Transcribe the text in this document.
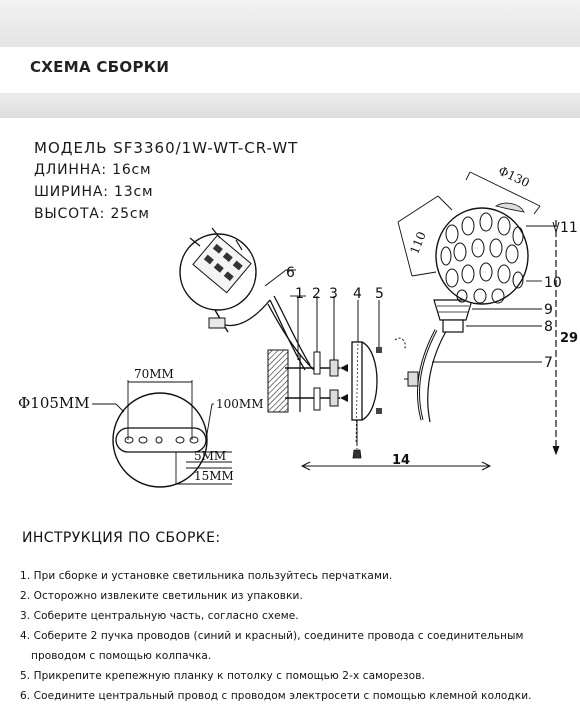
СХЕМА СБОРКИ
МОДЕЛЬ SF3360/1W-WT-CR-WT
ДЛИННА: 16см
ШИРИНА: 13см
ВЫСОТА: 25см
Φ130
110
29
14
1 2 3 4 5
6
7
8
9
10
11
70MM
Φ105MM	100MM
5MM
15MM
ИНСТРУКЦИЯ ПО СБОРКЕ:
1. При сборке и установке светильника пользуйтесь перчатками.
2. Осторожно извлеките светильник из упаковки.
3. Соберите центральную часть, согласно схеме.
4. Соберите 2 пучка проводов (синий и красный), соедините провода с соединительным
проводом с помощью колпачка.
5. Прикрепите крепежную планку к потолку с помощью 2-х саморезов.
6. Соедините центральный провод с проводом электросети с помощью клемной колодки.
